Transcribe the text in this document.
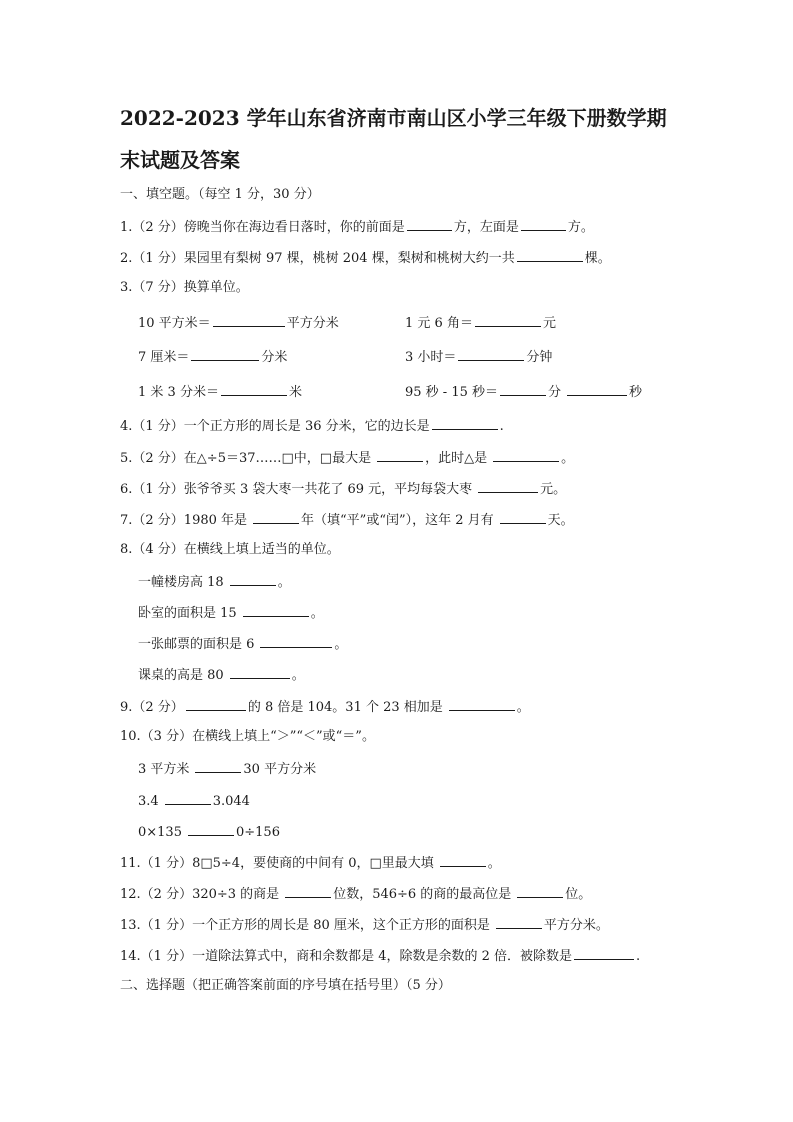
2022-2023 学年山东省济南市南山区小学三年级下册数学期
末试题及答案
一、填空题。（每空 1 分，30 分）
1.（2 分）傍晚当你在海边看日落时，你的前面是	方，左面是	方。
2.（1 分）果园里有梨树 97 棵，桃树 204 棵，梨树和桃树大约一共	棵。
3.（7 分）换算单位。
10 平方米＝	平方分米	1 元 6 角＝	元
7 厘米＝	分米	3 小时＝	分钟
1 米 3 分米＝	米	95 秒 - 15 秒＝	分	秒
4.（1 分）一个正方形的周长是 36 分米，它的边长是	.
5.（2 分）在△÷5＝37……□中，□最大是	，此时△是	。
6.（1 分）张爷爷买 3 袋大枣一共花了 69 元，平均每袋大枣	元。
7.（2 分）1980 年是	年（填“平”或“闰”），这年 2 月有	天。
8.（4 分）在横线上填上适当的单位。
一幢楼房高 18	。
卧室的面积是 15	。
一张邮票的面积是 6	。
课桌的高是 80	。
9.（2 分）	的 8 倍是 104。31 个 23 相加是	。
10.（3 分）在横线上填上“＞”“＜”或“＝”。
3 平方米	30 平方分米
3.4	3.044
0×135	0÷156
11.（1 分）8□5÷4，要使商的中间有 0，□里最大填	。
12.（2 分）320÷3 的商是	位数，546÷6 的商的最高位是	位。
13.（1 分）一个正方形的周长是 80 厘米，这个正方形的面积是	平方分米。
14.（1 分）一道除法算式中，商和余数都是 4，除数是余数的 2 倍．被除数是	.
二、选择题（把正确答案前面的序号填在括号里）（5 分）
